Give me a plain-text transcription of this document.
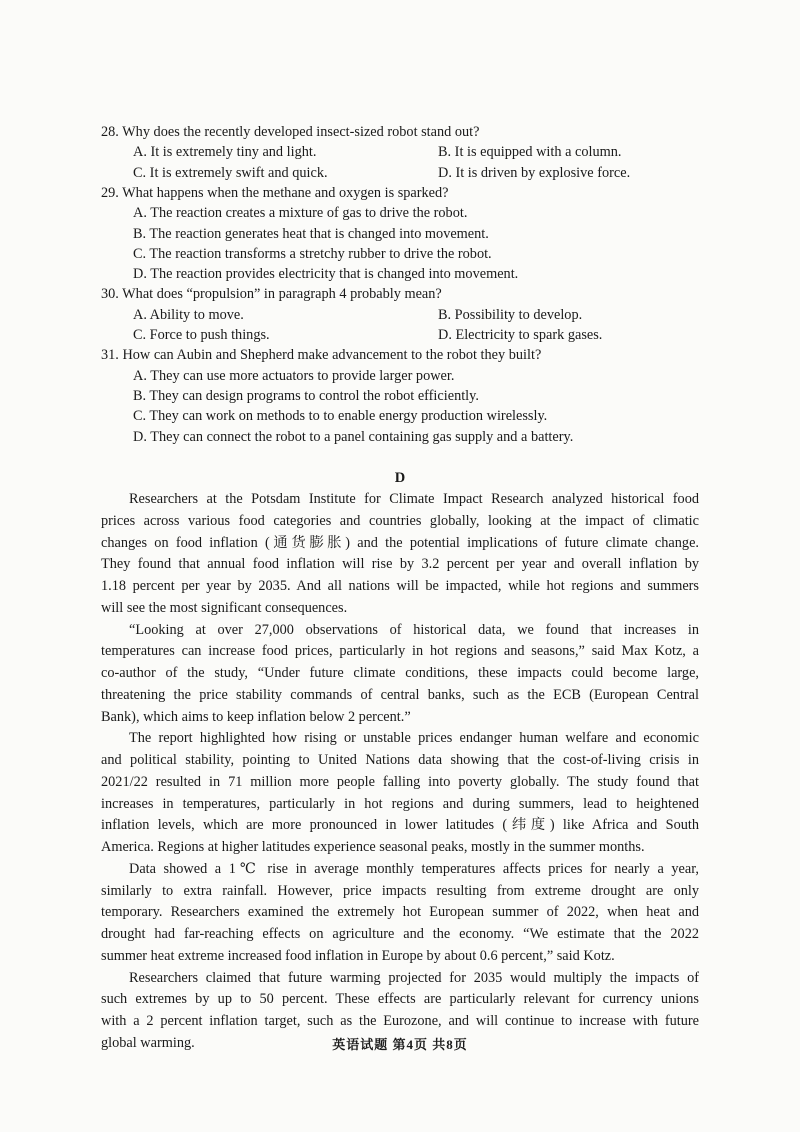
28. Why does the recently developed insect-sized robot stand out?
A. It is extremely tiny and light.	B. It is equipped with a column.
C. It is extremely swift and quick.	D. It is driven by explosive force.
29. What happens when the methane and oxygen is sparked?
A. The reaction creates a mixture of gas to drive the robot.
B. The reaction generates heat that is changed into movement.
C. The reaction transforms a stretchy rubber to drive the robot.
D. The reaction provides electricity that is changed into movement.
30. What does “propulsion” in paragraph 4 probably mean?
A. Ability to move.	B. Possibility to develop.
C. Force to push things.	D. Electricity to spark gases.
31. How can Aubin and Shepherd make advancement to the robot they built?
A. They can use more actuators to provide larger power.
B. They can design programs to control the robot efficiently.
C. They can work on methods to to enable energy production wirelessly.
D. They can connect the robot to a panel containing gas supply and a battery.
D
Researchers at the Potsdam Institute for Climate Impact Research analyzed historical food
prices across various food categories and countries globally, looking at the impact of climatic
changes on food inflation (通货膨胀) and the potential implications of future climate change.
They found that annual food inflation will rise by 3.2 percent per year and overall inflation by
1.18 percent per year by 2035. And all nations will be impacted, while hot regions and summers
will see the most significant consequences.
“Looking at over 27,000 observations of historical data, we found that increases in
temperatures can increase food prices, particularly in hot regions and seasons,” said Max Kotz, a
co-author of the study, “Under future climate conditions, these impacts could become large,
threatening the price stability commands of central banks, such as the ECB (European Central
Bank), which aims to keep inflation below 2 percent.”
The report highlighted how rising or unstable prices endanger human welfare and economic
and political stability, pointing to United Nations data showing that the cost-of-living crisis in
2021/22 resulted in 71 million more people falling into poverty globally. The study found that
increases in temperatures, particularly in hot regions and during summers, lead to heightened
inflation levels, which are more pronounced in lower latitudes (纬度) like Africa and South
America. Regions at higher latitudes experience seasonal peaks, mostly in the summer months.
Data showed a 1℃ rise in average monthly temperatures affects prices for nearly a year,
similarly to extra rainfall. However, price impacts resulting from extreme drought are only
temporary. Researchers examined the extremely hot European summer of 2022, when heat and
drought had far-reaching effects on agriculture and the economy. “We estimate that the 2022
summer heat extreme increased food inflation in Europe by about 0.6 percent,” said Kotz.
Researchers claimed that future warming projected for 2035 would multiply the impacts of
such extremes by up to 50 percent. These effects are particularly relevant for currency unions
with a 2 percent inflation target, such as the Eurozone, and will continue to increase with future
global warming.	英语试题 第4页 共8页
